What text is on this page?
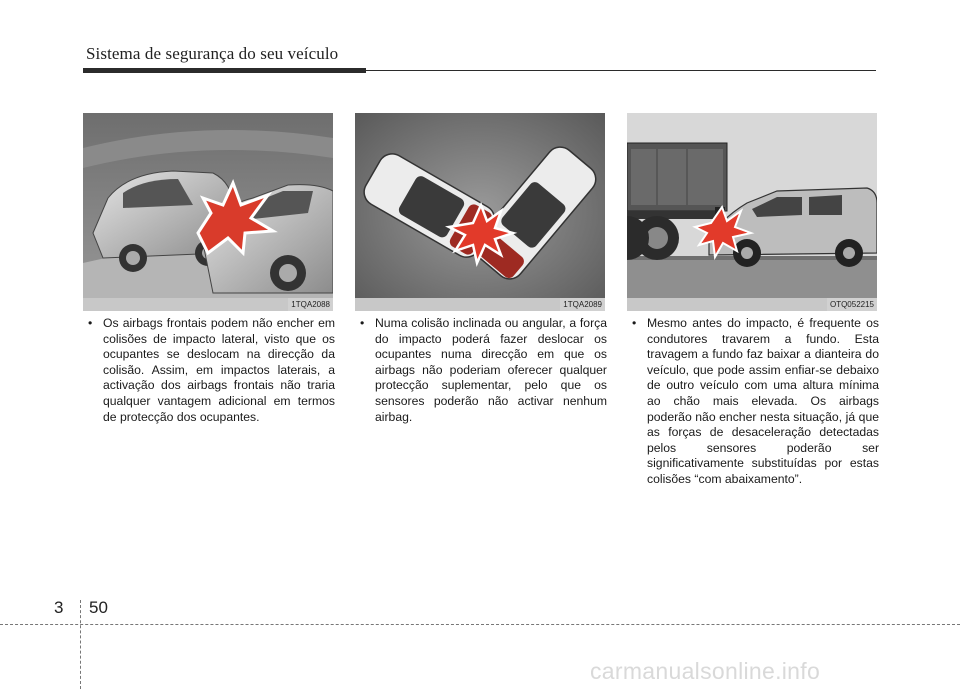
Sistema de segurança do seu veículo
1TQA2088	1TQA2089	OTQ052215
• Os airbags frontais podem não encher em colisões de impacto lateral, visto que os ocupantes se deslocam na direcção da colisão. Assim, em impactos laterais, a activação dos airbags frontais não traria qualquer vantagem adicional em termos de protecção dos ocupantes.
• Numa colisão inclinada ou angular, a força do impacto poderá fazer deslocar os ocupantes numa direcção em que os airbags não poderiam oferecer qualquer protecção suplementar, pelo que os sensores poderão não activar nenhum airbag.
• Mesmo antes do impacto, é frequente os condutores travarem a fundo. Esta travagem a fundo faz baixar a dianteira do veículo, que pode assim enfiar-se debaixo de outro veículo com uma altura mínima ao chão mais elevada. Os airbags poderão não encher nesta situação, já que as forças de desaceleração detectadas pelos sensores poderão ser significativamente substituídas por estas colisões “com abaixamento”.
3 50
carmanualsonline.info
